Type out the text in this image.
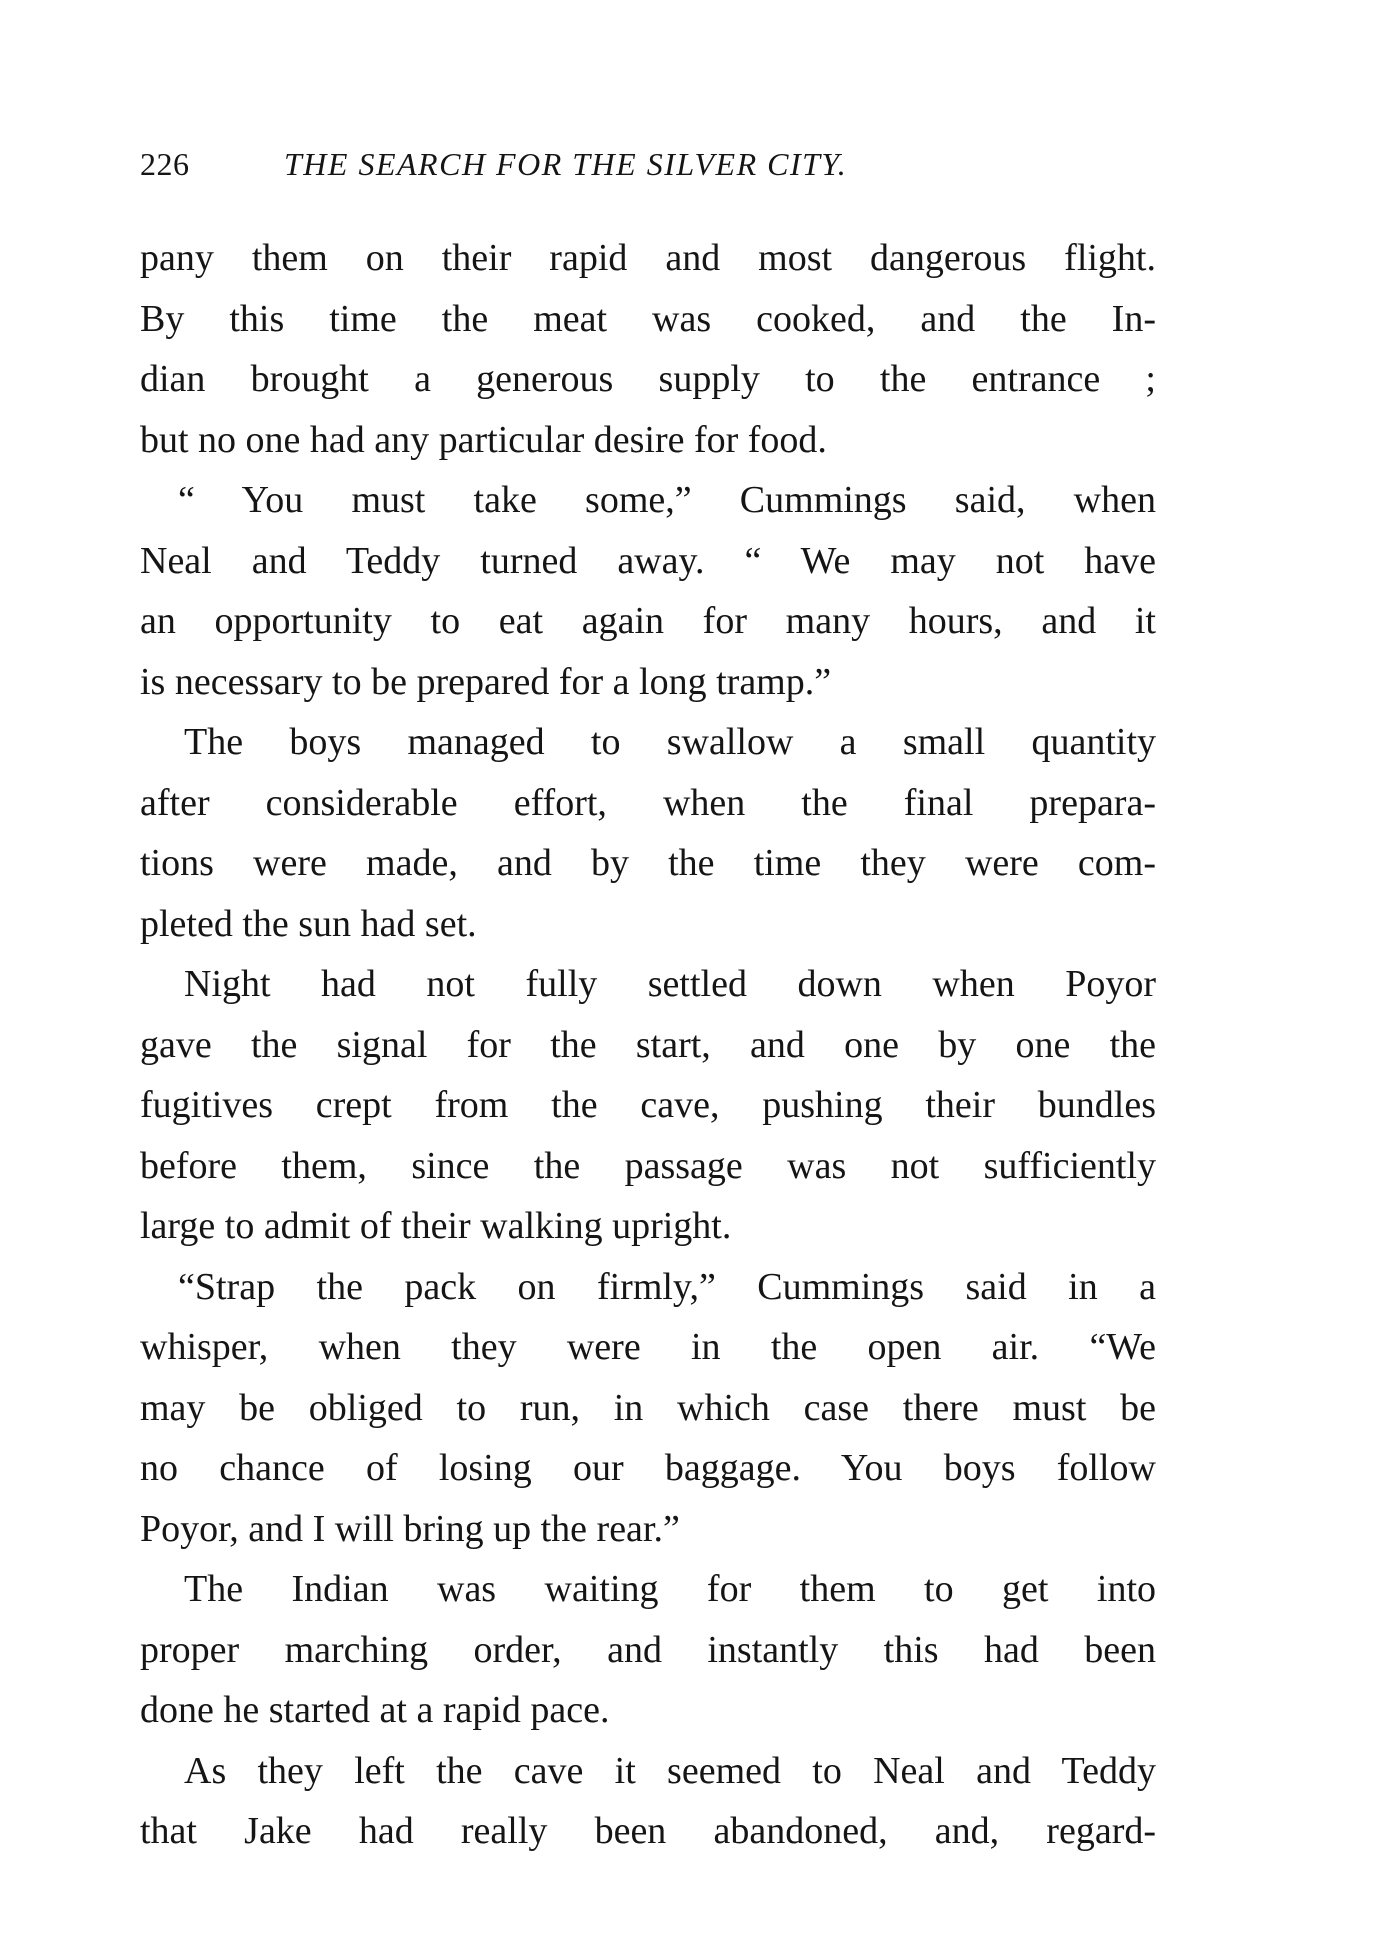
226	THE SEARCH FOR THE SILVER CITY.
pany them on their rapid and most dangerous flight.
By this time the meat was cooked, and the In-
dian brought a generous supply to the entrance ;
but no one had any particular desire for food.
“ You must take some,” Cummings said, when
Neal and Teddy turned away. “ We may not have
an opportunity to eat again for many hours, and it
is necessary to be prepared for a long tramp.”
The boys managed to swallow a small quantity
after considerable effort, when the final prepara-
tions were made, and by the time they were com-
pleted the sun had set.
Night had not fully settled down when Poyor
gave the signal for the start, and one by one the
fugitives crept from the cave, pushing their bundles
before them, since the passage was not sufficiently
large to admit of their walking upright.
“Strap the pack on firmly,” Cummings said in a
whisper, when they were in the open air. “We
may be obliged to run, in which case there must be
no chance of losing our baggage. You boys follow
Poyor, and I will bring up the rear.”
The Indian was waiting for them to get into
proper marching order, and instantly this had been
done he started at a rapid pace.
As they left the cave it seemed to Neal and Teddy
that Jake had really been abandoned, and, regard-
